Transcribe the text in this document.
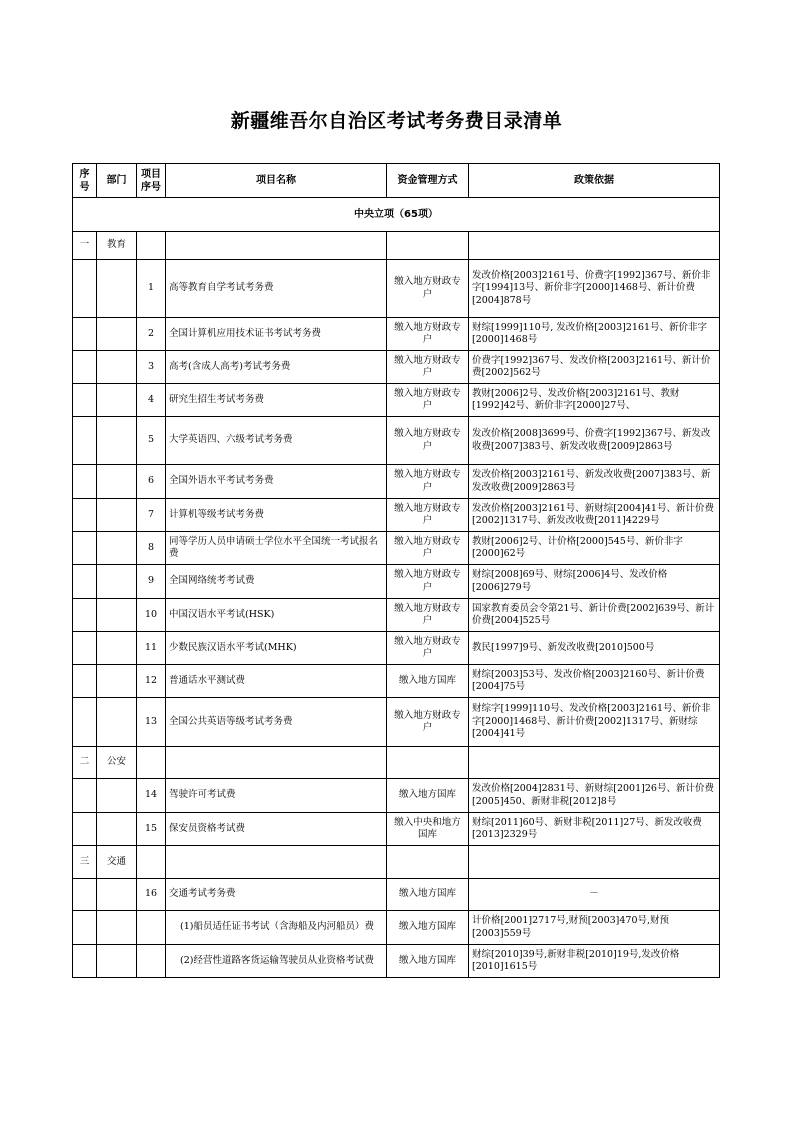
新疆维吾尔自治区考试考务费目录清单
序号	部门	项目序号	项目名称	资金管理方式	政策依据
中央立项（65项）					
一	教育				
		1	高等教育自学考试考务费	缴入地方财政专户	发改价格[2003]2161号、价费字[1992]367号、新价非字[1994]13号、新价非字[2000]1468号、新计价费[2004]878号
		2	全国计算机应用技术证书考试考务费	缴入地方财政专户	财综[1999]110号, 发改价格[2003]2161号、新价非字[2000]1468号
		3	高考(含成人高考)考试考务费	缴入地方财政专户	价费字[1992]367号、发改价格[2003]2161号、新计价费[2002]562号
		4	研究生招生考试考务费	缴入地方财政专户	教财[2006]2号、发改价格[2003]2161号、教财[1992]42号、新价非字[2000]27号、
		5	大学英语四、六级考试考务费	缴入地方财政专户	发改价格[2008]3699号、价费字[1992]367号、新发改收费[2007]383号、新发改收费[2009]2863号
		6	全国外语水平考试考务费	缴入地方财政专户	发改价格[2003]2161号、新发改收费[2007]383号、新发改收费[2009]2863号
		7	计算机等级考试考务费	缴入地方财政专户	发改价格[2003]2161号、新财综[2004]41号、新计价费[2002]1317号、新发改收费[2011]4229号
		8	同等学历人员申请硕士学位水平全国统一考试报名费	缴入地方财政专户	教财[2006]2号、计价格[2000]545号、新价非字[2000]62号
		9	全国网络统考考试费	缴入地方财政专户	财综[2008]69号、财综[2006]4号、发改价格[2006]279号
		10	中国汉语水平考试(HSK)	缴入地方财政专户	国家教育委员会令第21号、新计价费[2002]639号、新计价费[2004]525号
		11	少数民族汉语水平考试(MHK)	缴入地方财政专户	教民[1997]9号、新发改收费[2010]500号
		12	普通话水平测试费	缴入地方国库	财综[2003]53号、发改价格[2003]2160号、新计价费[2004]75号
		13	全国公共英语等级考试考务费	缴入地方财政专户	财综字[1999]110号、发改价格[2003]2161号、新价非字[2000]1468号、新计价费[2002]1317号、新财综[2004]41号
二	公安				
		14	驾驶许可考试费	缴入地方国库	发改价格[2004]2831号、新财综[2001]26号、新计价费[2005]450、新财非税[2012]8号
		15	保安员资格考试费	缴入中央和地方国库	财综[2011]60号、新财非税[2011]27号、新发改收费[2013]2329号
三	交通				
		16	交通考试考务费	缴入地方国库	－
			(1)船员适任证书考试（含海船及内河船员）费	缴入地方国库	计价格[2001]2717号,财预[2003]470号,财预[2003]559号
			(2)经营性道路客货运输驾驶员从业资格考试费	缴入地方国库	财综[2010]39号,新财非税[2010]19号,发改价格[2010]1615号
